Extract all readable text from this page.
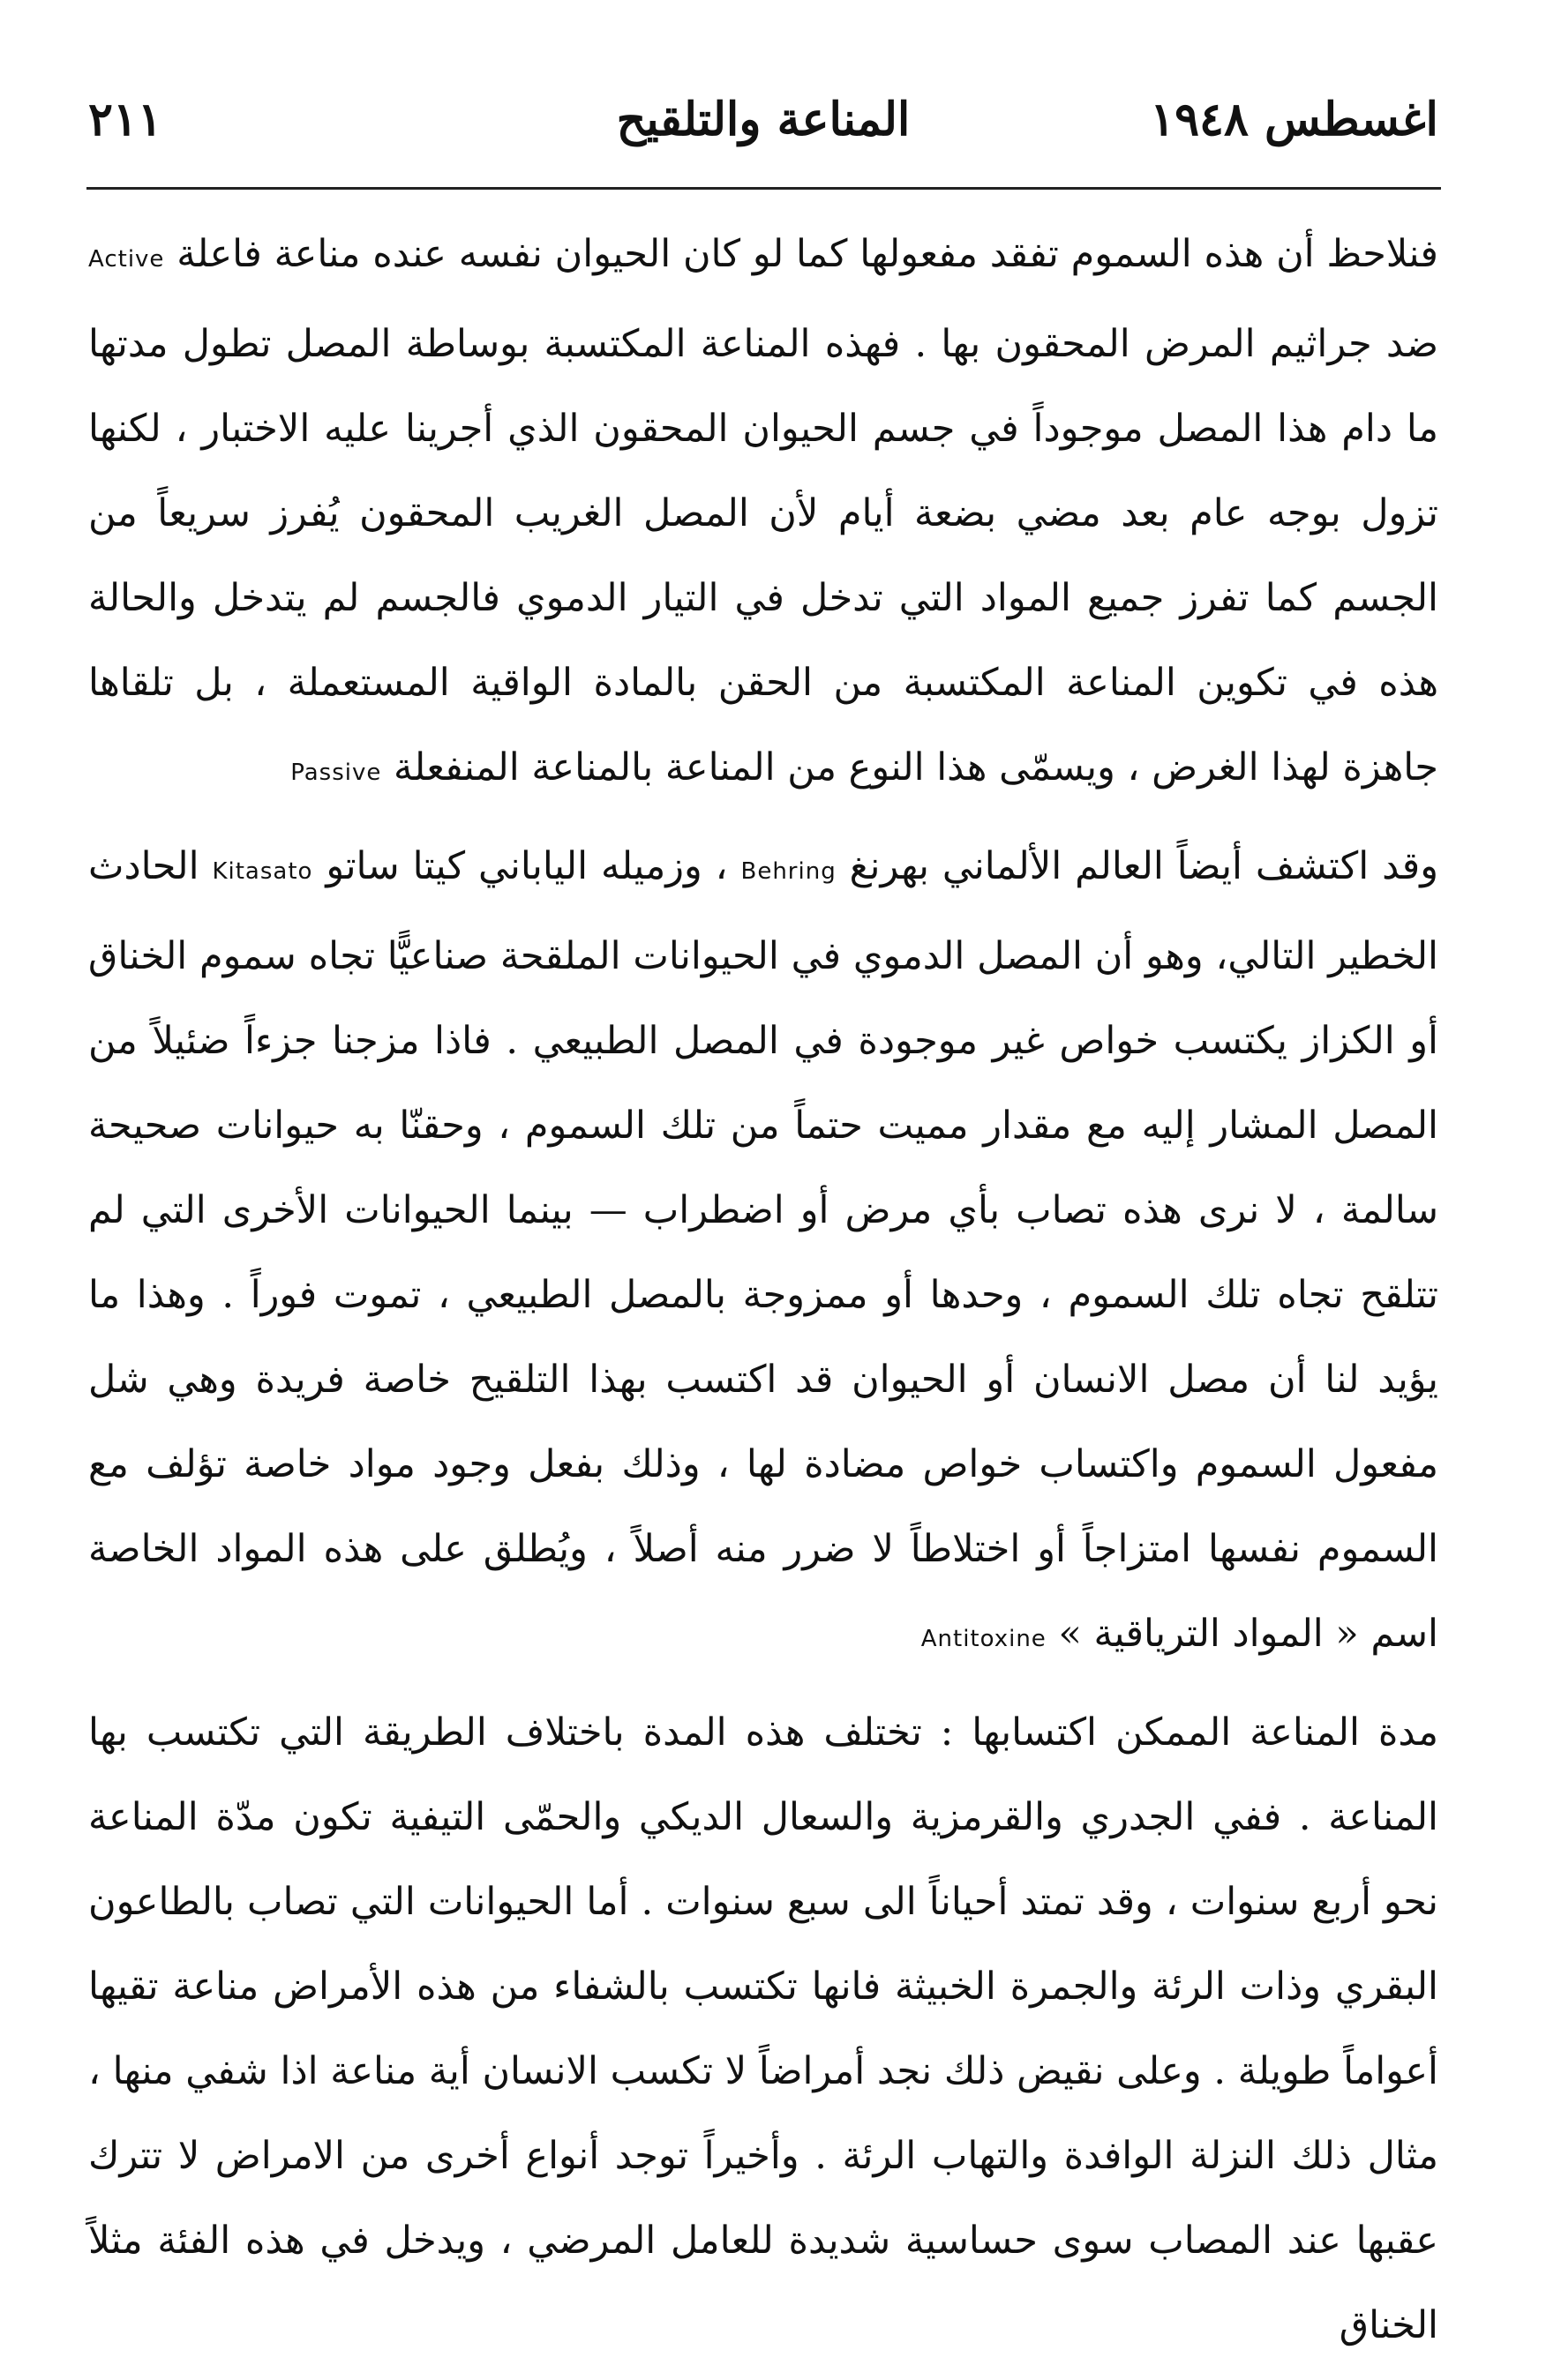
اغسطس ١٩٤٨
المناعة والتلقيح
٢١١

فنلاحظ أن هذه السموم تفقد مفعولها كما لو كان الحيوان نفسه عنده مناعة فاعلة Active ضد جراثيم المرض المحقون بها . فهذه المناعة المكتسبة بوساطة المصل تطول مدتها ما دام هذا المصل موجوداً في جسم الحيوان المحقون الذي أجرينا عليه الاختبار ، لكنها تزول بوجه عام بعد مضي بضعة أيام لأن المصل الغريب المحقون يُفرز سريعاً من الجسم كما تفرز جميع المواد التي تدخل في التيار الدموي فالجسم لم يتدخل والحالة هذه في تكوين المناعة المكتسبة من الحقن بالمادة الواقية المستعملة ، بل تلقاها جاهزة لهذا الغرض ، ويسمّى هذا النوع من المناعة بالمناعة المنفعلة Passive

وقد اكتشف أيضاً العالم الألماني بهرنغ Behring ، وزميله الياباني كيتا ساتو Kitasato الحادث الخطير التالي، وهو أن المصل الدموي في الحيوانات الملقحة صناعيًّا تجاه سموم الخناق أو الكزاز يكتسب خواص غير موجودة في المصل الطبيعي . فاذا مزجنا جزءاً ضئيلاً من المصل المشار إليه مع مقدار مميت حتماً من تلك السموم ، وحقنّا به حيوانات صحيحة سالمة ، لا نرى هذه تصاب بأي مرض أو اضطراب — بينما الحيوانات الأخرى التي لم تتلقح تجاه تلك السموم ، وحدها أو ممزوجة بالمصل الطبيعي ، تموت فوراً . وهذا ما يؤيد لنا أن مصل الانسان أو الحيوان قد اكتسب بهذا التلقيح خاصة فريدة وهي شل مفعول السموم واكتساب خواص مضادة لها ، وذلك بفعل وجود مواد خاصة تؤلف مع السموم نفسها امتزاجاً أو اختلاطاً لا ضرر منه أصلاً ، ويُطلق على هذه المواد الخاصة اسم « المواد الترياقية » Antitoxine

مدة المناعة الممكن اكتسابها : تختلف هذه المدة باختلاف الطريقة التي تكتسب بها المناعة . ففي الجدري والقرمزية والسعال الديكي والحمّى التيفية تكون مدّة المناعة نحو أربع سنوات ، وقد تمتد أحياناً الى سبع سنوات . أما الحيوانات التي تصاب بالطاعون البقري وذات الرئة والجمرة الخبيثة فانها تكتسب بالشفاء من هذه الأمراض مناعة تقيها أعواماً طويلة . وعلى نقيض ذلك نجد أمراضاً لا تكسب الانسان أية مناعة اذا شفي منها ، مثال ذلك النزلة الوافدة والتهاب الرئة . وأخيراً توجد أنواع أخرى من الامراض لا تترك عقبها عند المصاب سوى حساسية شديدة للعامل المرضي ، ويدخل في هذه الفئة مثلاً الخناق
